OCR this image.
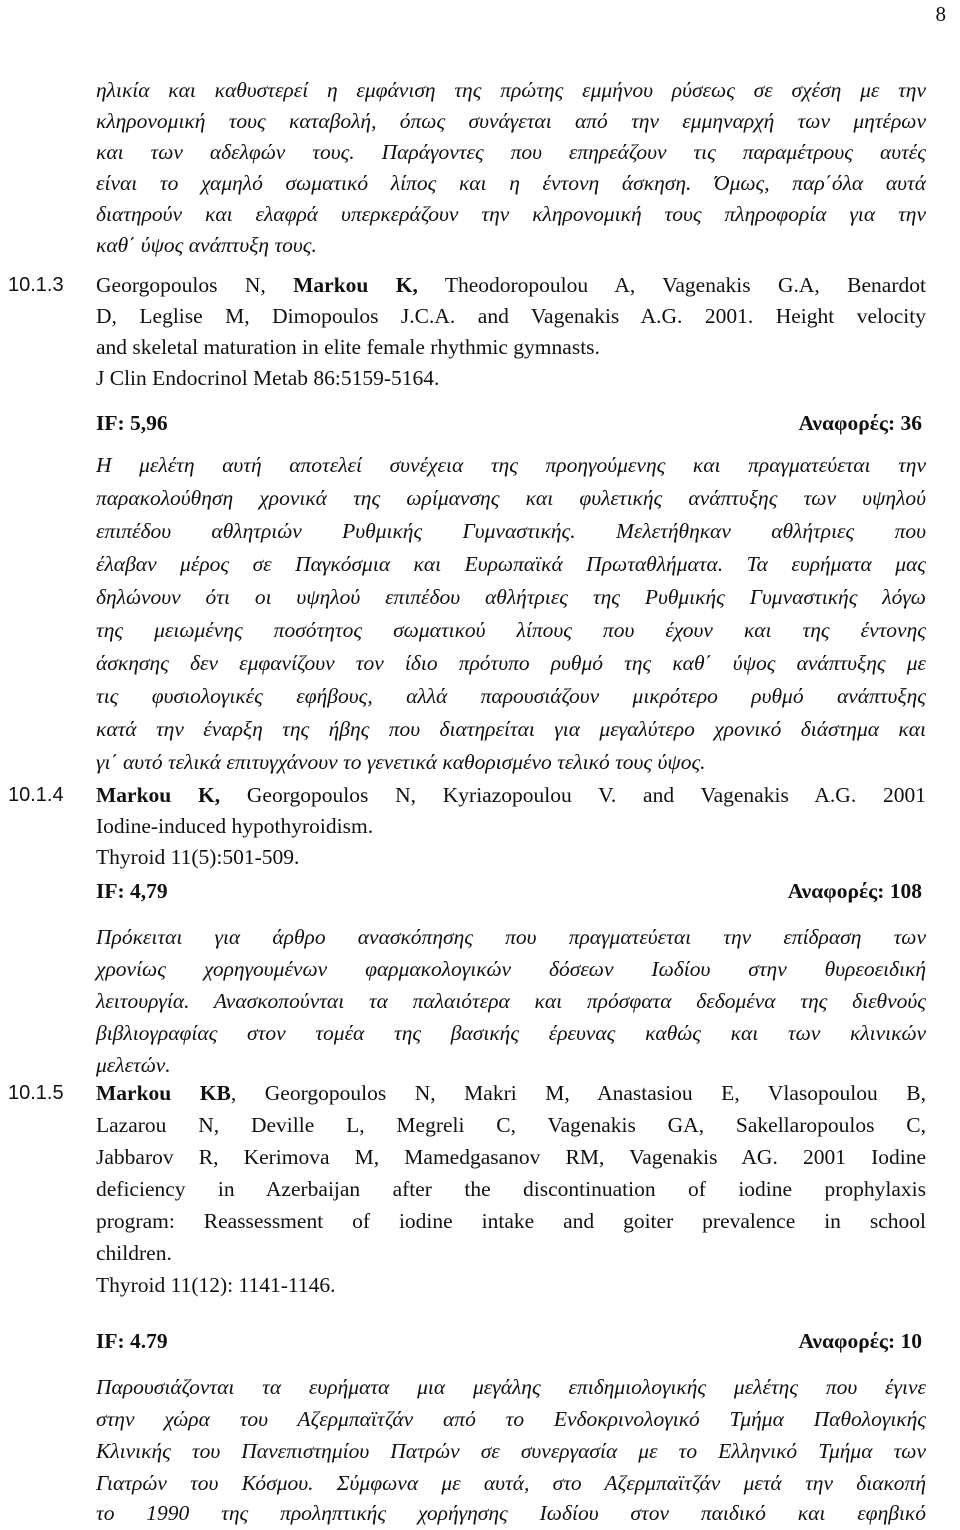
8
ηλικία και καθυστερεί η εμφάνιση της πρώτης εμμήνου ρύσεως σε σχέση με την
κληρονομική τους καταβολή, όπως συνάγεται από την εμμηναρχή των μητέρων
και των αδελφών τους. Παράγοντες που επηρεάζουν τις παραμέτρους αυτές
είναι το χαμηλό σωματικό λίπος και η έντονη άσκηση. Όμως, παρ΄όλα αυτά
διατηρούν και ελαφρά υπερκεράζουν την κληρονομική τους πληροφορία για την
καθ΄ ύψος ανάπτυξη τους.
10.1.3 Georgopoulos N, Markou K, Theodoropoulou A, Vagenakis G.A, Benardot
D, Leglise M, Dimopoulos J.C.A. and Vagenakis A.G. 2001. Height velocity
and skeletal maturation in elite female rhythmic gymnasts.
J Clin Endocrinol Metab 86:5159-5164.
IF: 5,96	Αναφορές: 36
Η μελέτη αυτή αποτελεί συνέχεια της προηγούμενης και πραγματεύεται την
παρακολούθηση χρονικά της ωρίμανσης και φυλετικής ανάπτυξης των υψηλού
επιπέδου αθλητριών Ρυθμικής Γυμναστικής. Μελετήθηκαν αθλήτριες που
έλαβαν μέρος σε Παγκόσμια και Ευρωπαϊκά Πρωταθλήματα. Τα ευρήματα μας
δηλώνουν ότι οι υψηλού επιπέδου αθλήτριες της Ρυθμικής Γυμναστικής λόγω
της μειωμένης ποσότητος σωματικού λίπους που έχουν και της έντονης
άσκησης δεν εμφανίζουν τον ίδιο πρότυπο ρυθμό της καθ΄ ύψος ανάπτυξης με
τις φυσιολογικές εφήβους, αλλά παρουσιάζουν μικρότερο ρυθμό ανάπτυξης
κατά την έναρξη της ήβης που διατηρείται για μεγαλύτερο χρονικό διάστημα και
γι΄ αυτό τελικά επιτυγχάνουν το γενετικά καθορισμένο τελικό τους ύψος.
10.1.4 Markou K, Georgopoulos N, Kyriazopoulou V. and Vagenakis A.G. 2001
Iodine-induced hypothyroidism.
Thyroid 11(5):501-509.
IF: 4,79	Αναφορές: 108
Πρόκειται για άρθρο ανασκόπησης που πραγματεύεται την επίδραση των
χρονίως χορηγουμένων φαρμακολογικών δόσεων Ιωδίου στην θυρεοειδική
λειτουργία. Ανασκοπούνται τα παλαιότερα και πρόσφατα δεδομένα της διεθνούς
βιβλιογραφίας στον τομέα της βασικής έρευνας καθώς και των κλινικών
μελετών.
10.1.5 Markou KB, Georgopoulos N, Makri M, Anastasiou E, Vlasopoulou B,
Lazarou N, Deville L, Megreli C, Vagenakis GA, Sakellaropoulos C,
Jabbarov R, Kerimova M, Mamedgasanov RM, Vagenakis AG. 2001 Iodine
deficiency in Azerbaijan after the discontinuation of iodine prophylaxis
program: Reassessment of iodine intake and goiter prevalence in school
children.
Thyroid 11(12): 1141-1146.
IF: 4.79	Αναφορές: 10
Παρουσιάζονται τα ευρήματα μια μεγάλης επιδημιολογικής μελέτης που έγινε
στην χώρα του Αζερμπαϊτζάν από το Ενδοκρινολογικό Τμήμα Παθολογικής
Κλινικής του Πανεπιστημίου Πατρών σε συνεργασία με το Ελληνικό Τμήμα των
Γιατρών του Κόσμου. Σύμφωνα με αυτά, στο Αζερμπαϊτζάν μετά την διακοπή
το 1990 της προληπτικής χορήγησης Ιωδίου στον παιδικό και εφηβικό
